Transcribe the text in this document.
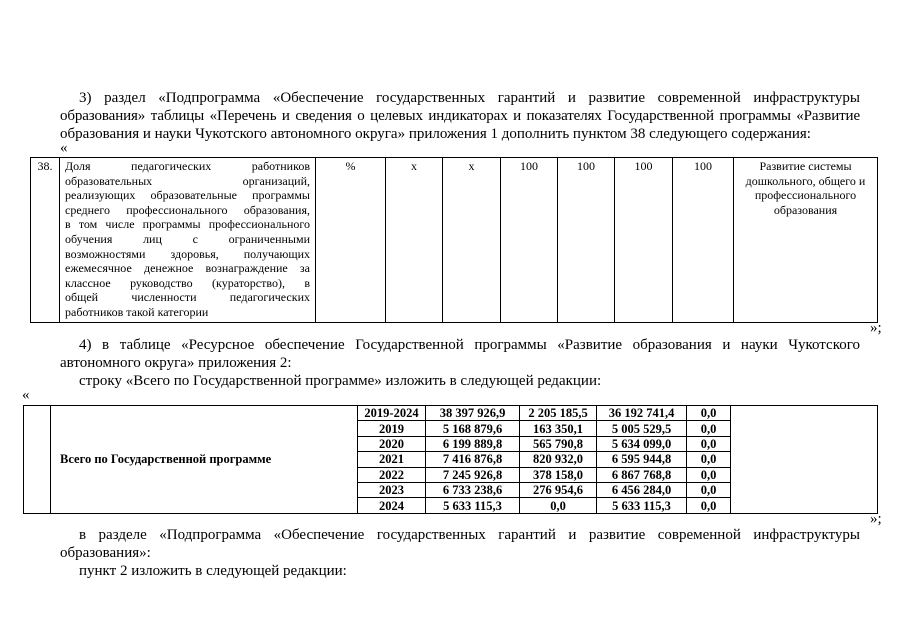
3) раздел «Подпрограмма «Обеспечение государственных гарантий и развитие современной инфраструктуры
образования» таблицы «Перечень и сведения о целевых индикаторах и показателях Государственной программы «Развитие
образования и науки Чукотского автономного округа» приложения 1 дополнить пунктом 38 следующего содержания:
«
38.	Доля педагогических работников
образовательных организаций,
реализующих образовательные программы
среднего профессионального образования,
в том числе программы профессионального
обучения лиц с ограниченными
возможностями здоровья, получающих
ежемесячное денежное вознаграждение за
классное руководство (кураторство), в
общей численности педагогических
работников такой категории
	%	х	х	100	100	100	100	Развитие системы
дошкольного, общего и
профессионального
образования
»;
4) в таблице «Ресурсное обеспечение Государственной программы «Развитие образования и науки Чукотского
автономного округа» приложения 2:
строку «Всего по Государственной программе» изложить в следующей редакции:
«
	Всего по Государственной программе	2019-2024	38 397 926,9	2 205 185,5	36 192 741,4	0,0	
		2019	5 168 879,6	163 350,1	5 005 529,5	0,0	
		2020	6 199 889,8	565 790,8	5 634 099,0	0,0	
		2021	7 416 876,8	820 932,0	6 595 944,8	0,0	
		2022	7 245 926,8	378 158,0	6 867 768,8	0,0	
		2023	6 733 238,6	276 954,6	6 456 284,0	0,0	
		2024	5 633 115,3	0,0	5 633 115,3	0,0	
»;
в разделе «Подпрограмма «Обеспечение государственных гарантий и развитие современной инфраструктуры
образования»:
пункт 2 изложить в следующей редакции:
